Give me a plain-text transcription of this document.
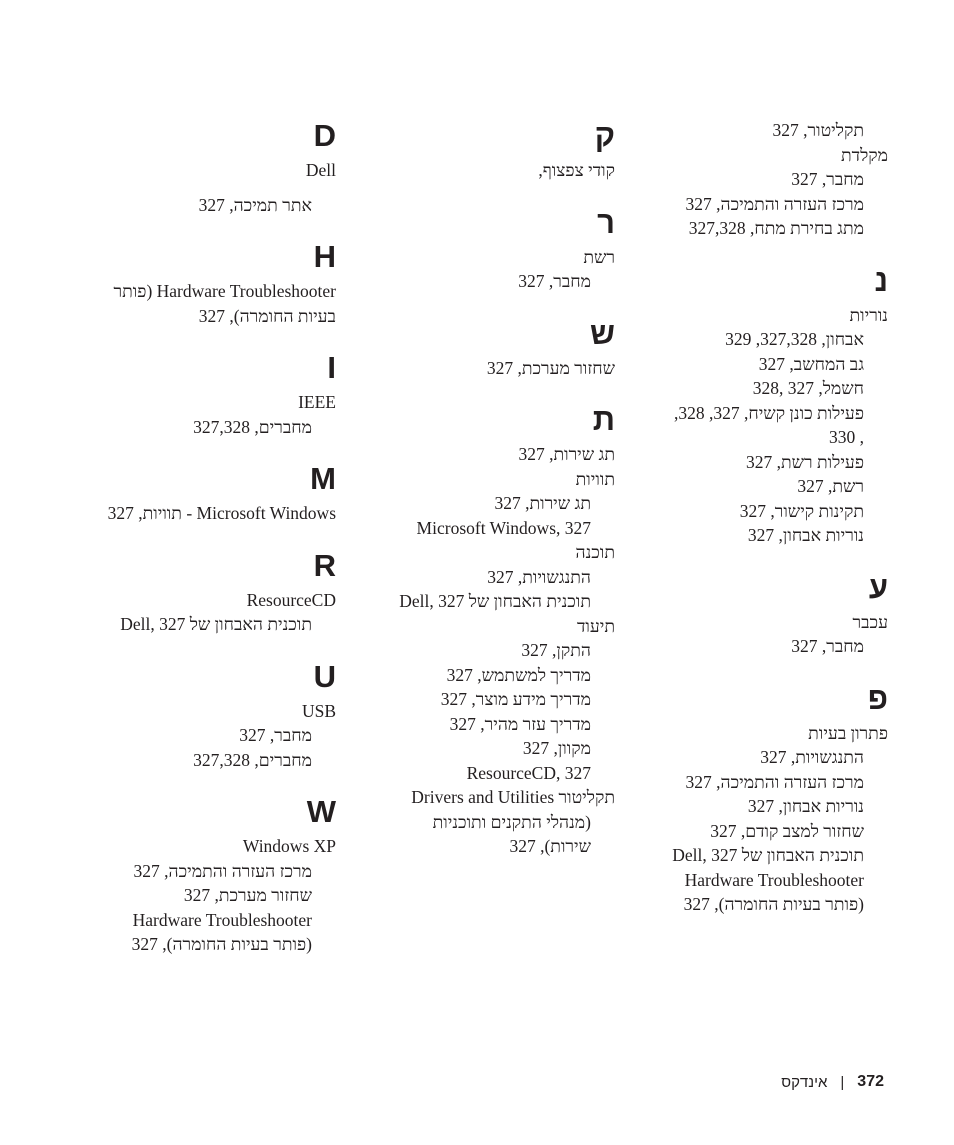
תקליטור, 327
מקלדת
מחבר, 327
מרכז העזרה והתמיכה, 327
מתג בחירת מתח, 327,328
נ
נוריות
אבחון, 327,328, 329
גב המחשב, 327
חשמל, 327 ,328
פעילות כונן קשיח, 327, 328,
, 330
פעילות רשת, 327
רשת, 327
תקינות קישור, 327
נוריות אבחון, 327
ע
עכבר
מחבר, 327
פ
פתרון בעיות
התנגשויות, 327
מרכז העזרה והתמיכה, 327
נוריות אבחון, 327
שחזור למצב קודם, 327
תוכנית האבחון של Dell, 327
Hardware Troubleshooter
(פותר בעיות החומרה), 327
ק
קודי צפצוף,
ר
רשת
מחבר, 327
ש
שחזור מערכת, 327
ת
תג שירות, 327
תוויות
תג שירות, 327
Microsoft Windows, 327
תוכנה
התנגשויות, 327
תוכנית האבחון של Dell, 327
תיעוד
התקן, 327
מדריך למשתמש, 327
מדריך מידע מוצר, 327
מדריך עזר מהיר, 327
מקוון, 327
ResourceCD, 327
תקליטור Drivers and Utilities
(מנהלי התקנים ותוכניות
שירות), 327
D
Dell
אתר תמיכה, 327
H
Hardware Troubleshooter (פותר
בעיות החומרה), 327
I
IEEE
מחברים, 327,328
M
Microsoft Windows - תוויות, 327
R
ResourceCD
תוכנית האבחון של Dell, 327
U
USB
מחבר, 327
מחברים, 327,328
W
Windows XP
מרכז העזרה והתמיכה, 327
שחזור מערכת, 327
Hardware Troubleshooter
(פותר בעיות החומרה), 327
372
|
אינדקס
